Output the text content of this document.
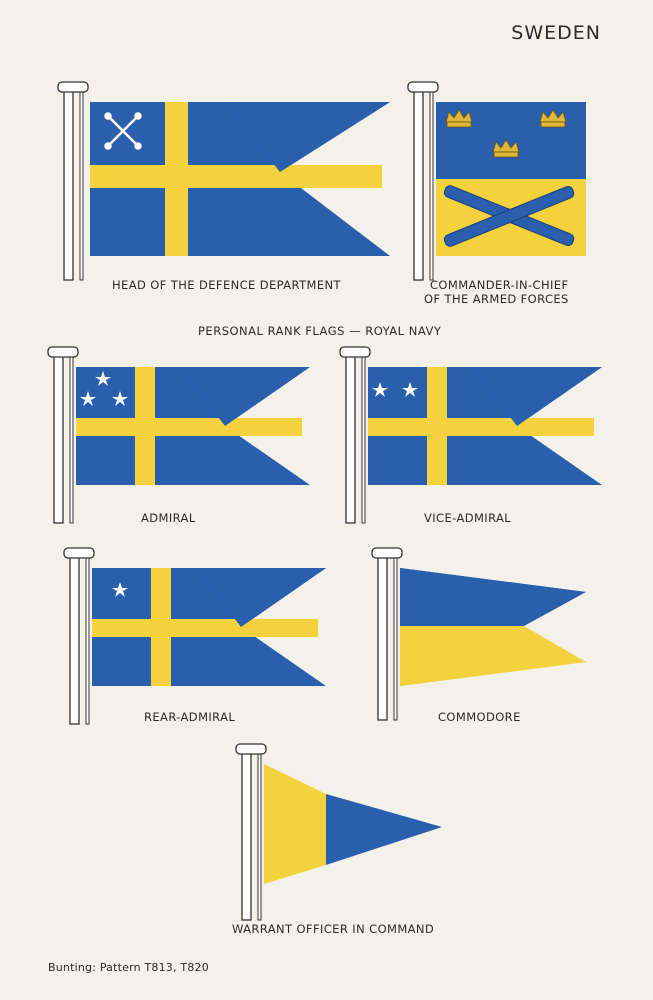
SWEDEN
HEAD OF THE DEFENCE DEPARTMENT	COMMANDER-IN-CHIEF
OF THE ARMED FORCES
PERSONAL RANK FLAGS — ROYAL NAVY
ADMIRAL	VICE-ADMIRAL
REAR-ADMIRAL	COMMODORE
WARRANT OFFICER IN COMMAND
Bunting: Pattern T813, T820
